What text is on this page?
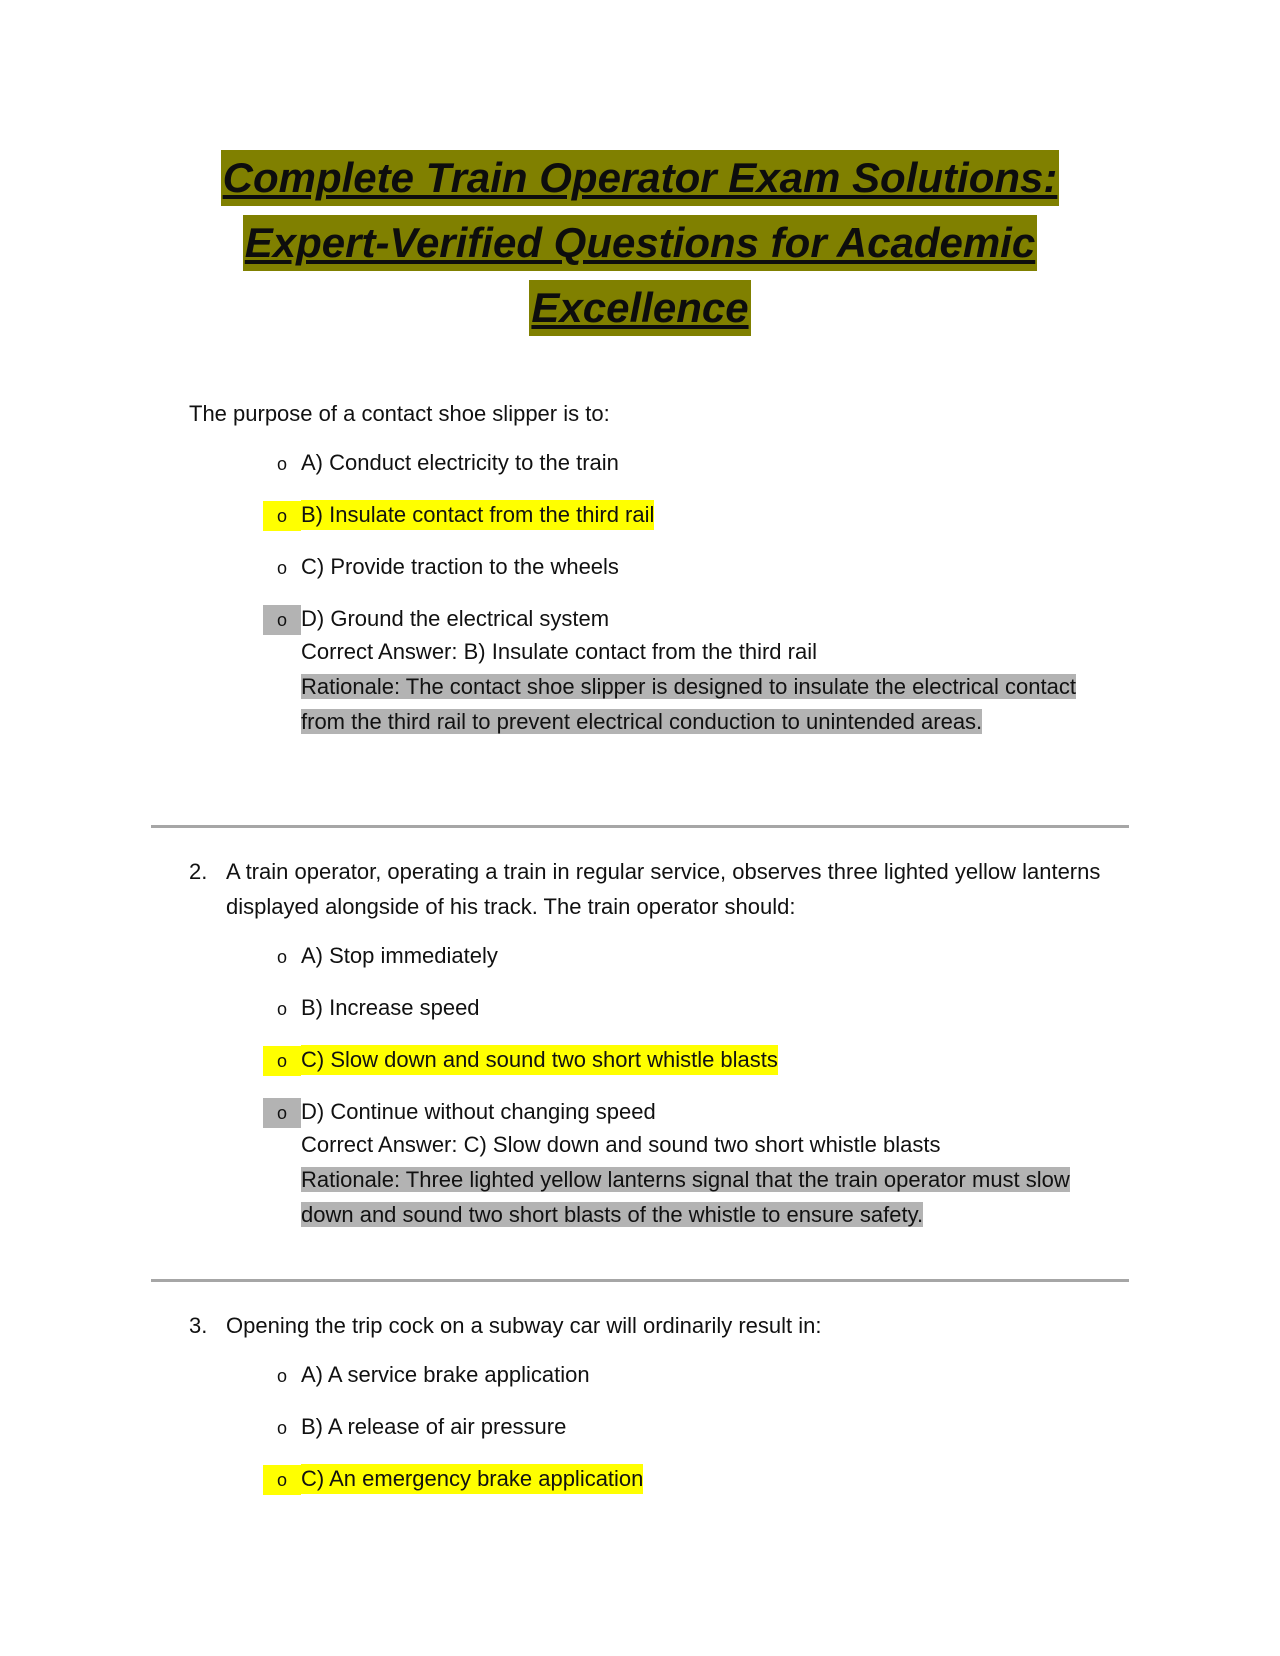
Complete Train Operator Exam Solutions:
Expert-Verified Questions for Academic
Excellence
The purpose of a contact shoe slipper is to:
o A) Conduct electricity to the train
o B) Insulate contact from the third rail
o C) Provide traction to the wheels
o D) Ground the electrical system
Correct Answer: B) Insulate contact from the third rail
Rationale: The contact shoe slipper is designed to insulate the electrical contact from the third rail to prevent electrical conduction to unintended areas.
2. A train operator, operating a train in regular service, observes three lighted yellow lanterns displayed alongside of his track. The train operator should:
o A) Stop immediately
o B) Increase speed
o C) Slow down and sound two short whistle blasts
o D) Continue without changing speed
Correct Answer: C) Slow down and sound two short whistle blasts
Rationale: Three lighted yellow lanterns signal that the train operator must slow down and sound two short blasts of the whistle to ensure safety.
3. Opening the trip cock on a subway car will ordinarily result in:
o A) A service brake application
o B) A release of air pressure
o C) An emergency brake application
